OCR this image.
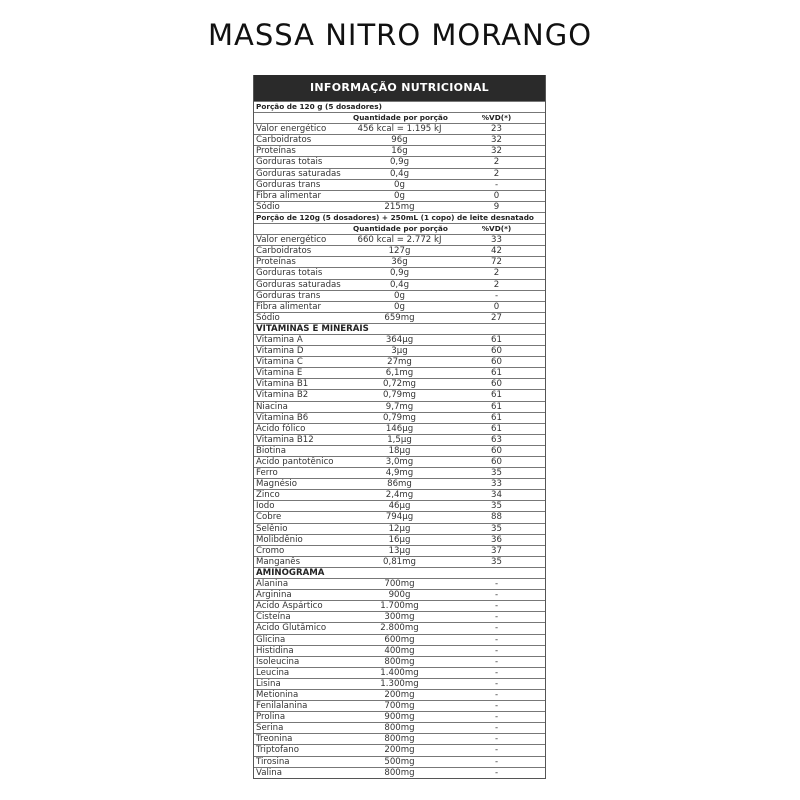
MASSA NITRO MORANGO
INFORMAÇÃO NUTRICIONAL
Porção de 120 g (5 dosadores)		
	Quantidade por porção	%VD(*)
Valor energético	456 kcal = 1.195 kJ	23
Carboidratos	96g	32
Proteínas	16g	32
Gorduras totais	0,9g	2
Gorduras saturadas	0,4g	2
Gorduras trans	0g	-
Fibra alimentar	0g	0
Sódio	215mg	9
Porção de 120g (5 dosadores) + 250mL (1 copo) de leite desnatado		
	Quantidade por porção	%VD(*)
Valor energético	660 kcal = 2.772 kJ	33
Carboidratos	127g	42
Proteínas	36g	72
Gorduras totais	0,9g	2
Gorduras saturadas	0,4g	2
Gorduras trans	0g	-
Fibra alimentar	0g	0
Sódio	659mg	27
VITAMINAS E MINERAIS		
Vitamina A	364µg	61
Vitamina D	3µg	60
Vitamina C	27mg	60
Vitamina E	6,1mg	61
Vitamina B1	0,72mg	60
Vitamina B2	0,79mg	61
Niacina	9,7mg	61
Vitamina B6	0,79mg	61
Ácido fólico	146µg	61
Vitamina B12	1,5µg	63
Biotina	18µg	60
Ácido pantotênico	3,0mg	60
Ferro	4,9mg	35
Magnésio	86mg	33
Zinco	2,4mg	34
Iodo	46µg	35
Cobre	794µg	88
Selênio	12µg	35
Molibdênio	16µg	36
Cromo	13µg	37
Manganês	0,81mg	35
AMINOGRAMA		
Alanina	700mg	-
Arginina	900g	-
Ácido Aspártico	1.700mg	-
Cisteína	300mg	-
Ácido Glutâmico	2.800mg	-
Glicina	600mg	-
Histidina	400mg	-
Isoleucina	800mg	-
Leucina	1.400mg	-
Lisina	1.300mg	-
Metionina	200mg	-
Fenilalanina	700mg	-
Prolina	900mg	-
Serina	800mg	-
Treonina	800mg	-
Triptofano	200mg	-
Tirosina	500mg	-
Valina	800mg	-
